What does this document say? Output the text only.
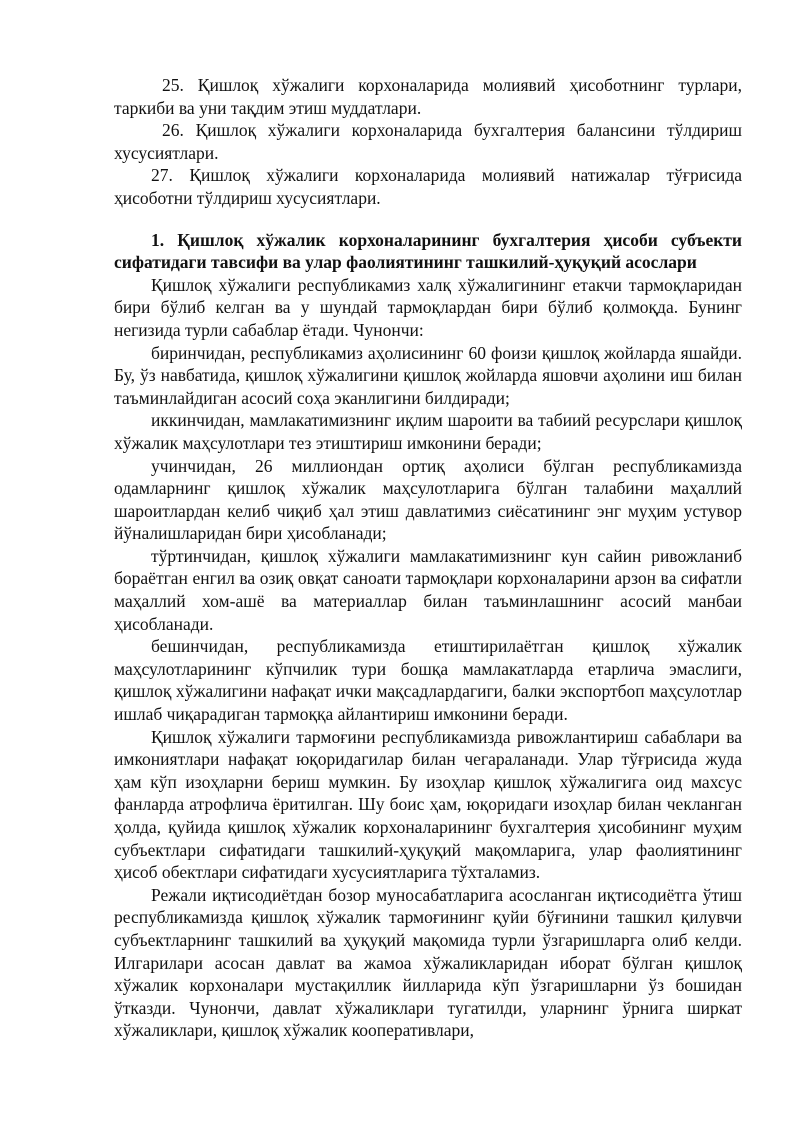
25. Қишлоқ хўжалиги корхоналарида молиявий ҳисоботнинг турлари, таркиби ва уни тақдим этиш муддатлари.

26. Қишлоқ хўжалиги корхоналарида бухгалтерия балансини тўлдириш хусусиятлари.

27. Қишлоқ хўжалиги корхоналарида молиявий натижалар тўғрисида ҳисоботни тўлдириш хусусиятлари.

1. Қишлоқ хўжалик корхоналарининг бухгалтерия ҳисоби субъекти сифатидаги тавсифи ва улар фаолиятининг ташкилий-ҳуқуқий асослари

Қишлоқ хўжалиги республикамиз халқ хўжалигининг етакчи тармоқларидан бири бўлиб келган ва у шундай тармоқлардан бири бўлиб қолмоқда. Бунинг негизида турли сабаблар ётади. Чунончи:

биринчидан, республикамиз аҳолисининг 60 фоизи қишлоқ жойларда яшайди. Бу, ўз навбатида, қишлоқ хўжалигини қишлоқ жойларда яшовчи аҳолини иш билан таъминлайдиган асосий соҳа эканлигини билдиради;

иккинчидан, мамлакатимизнинг иқлим шароити ва табиий ресурслари қишлоқ хўжалик маҳсулотлари тез этиштириш имконини беради;

учинчидан, 26 миллиондан ортиқ аҳолиси бўлган республикамизда одамларнинг қишлоқ хўжалик маҳсулотларига бўлган талабини маҳаллий шароитлардан келиб чиқиб ҳал этиш давлатимиз сиёсатининг энг муҳим устувор йўналишларидан бири ҳисобланади;

тўртинчидан, қишлоқ хўжалиги мамлакатимизнинг кун сайин ривожланиб бораётган енгил ва озиқ овқат саноати тармоқлари корхоналарини арзон ва сифатли маҳаллий хом-ашё ва материаллар билан таъминлашнинг асосий манбаи ҳисобланади.

бешинчидан, республикамизда етиштирилаётган қишлоқ хўжалик маҳсулотларининг кўпчилик тури бошқа мамлакатларда етарлича эмаслиги, қишлоқ хўжалигини нафақат ички мақсадлардагиги, балки экспортбоп маҳсулотлар ишлаб чиқарадиган тармоққа айлантириш имконини беради.

Қишлоқ хўжалиги тармоғини республикамизда ривожлантириш сабаблари ва имкониятлари нафақат юқоридагилар билан чегараланади. Улар тўғрисида жуда ҳам кўп изоҳларни бериш мумкин. Бу изоҳлар қишлоқ хўжалигига оид махсус фанларда атрофлича ёритилган. Шу боис ҳам, юқоридаги изоҳлар билан чекланган ҳолда, қуйида қишлоқ хўжалик корхоналарининг бухгалтерия ҳисобининг муҳим субъектлари сифатидаги ташкилий-ҳуқуқий мақомларига, улар фаолиятининг ҳисоб обектлари сифатидаги хусусиятларига тўхталамиз.

Режали иқтисодиётдан бозор муносабатларига асосланган иқтисодиётга ўтиш республикамизда қишлоқ хўжалик тармоғининг қуйи бўғинини ташкил қилувчи субъектларнинг ташкилий ва ҳуқуқий мақомида турли ўзгаришларга олиб келди. Илгарилари асосан давлат ва жамоа хўжаликларидан иборат бўлган қишлоқ хўжалик корхоналари мустақиллик йилларида кўп ўзгаришларни ўз бошидан ўтказди. Чунончи, давлат хўжаликлари тугатилди, уларнинг ўрнига ширкат хўжаликлари, қишлоқ хўжалик кооперативлари,
